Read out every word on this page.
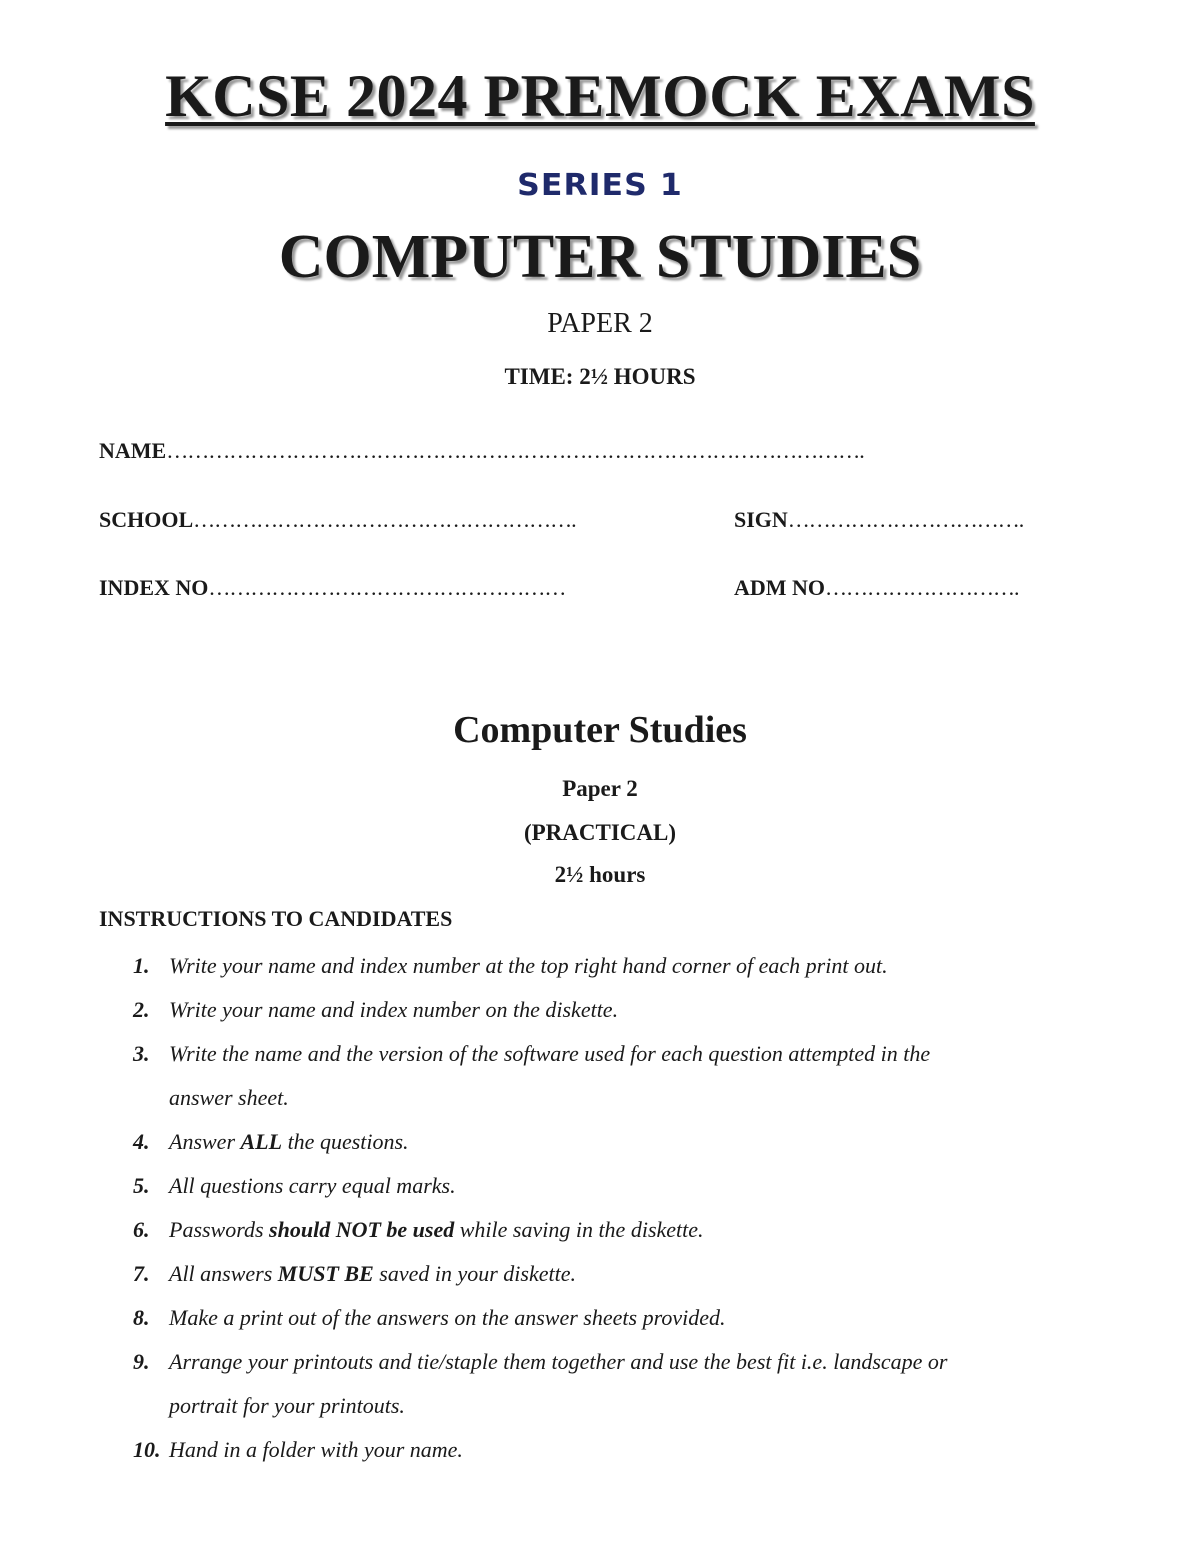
KCSE 2024 PREMOCK EXAMS
SERIES 1
COMPUTER STUDIES
PAPER 2
TIME: 2½ HOURS
NAME……………………………………………………………………………………….
SCHOOL……………………………………………….	SIGN…………………………….
INDEX NO……………………………………………	ADM NO……………………….
Computer Studies
Paper 2
(PRACTICAL)
2½ hours
INSTRUCTIONS TO CANDIDATES
1. Write your name and index number at the top right hand corner of each print out.
2. Write your name and index number on the diskette.
3. Write the name and the version of the software used for each question attempted in the
answer sheet.
4. Answer ALL the questions.
5. All questions carry equal marks.
6. Passwords should NOT be used while saving in the diskette.
7. All answers MUST BE saved in your diskette.
8. Make a print out of the answers on the answer sheets provided.
9. Arrange your printouts and tie/staple them together and use the best fit i.e. landscape or
portrait for your printouts.
10. Hand in a folder with your name.
